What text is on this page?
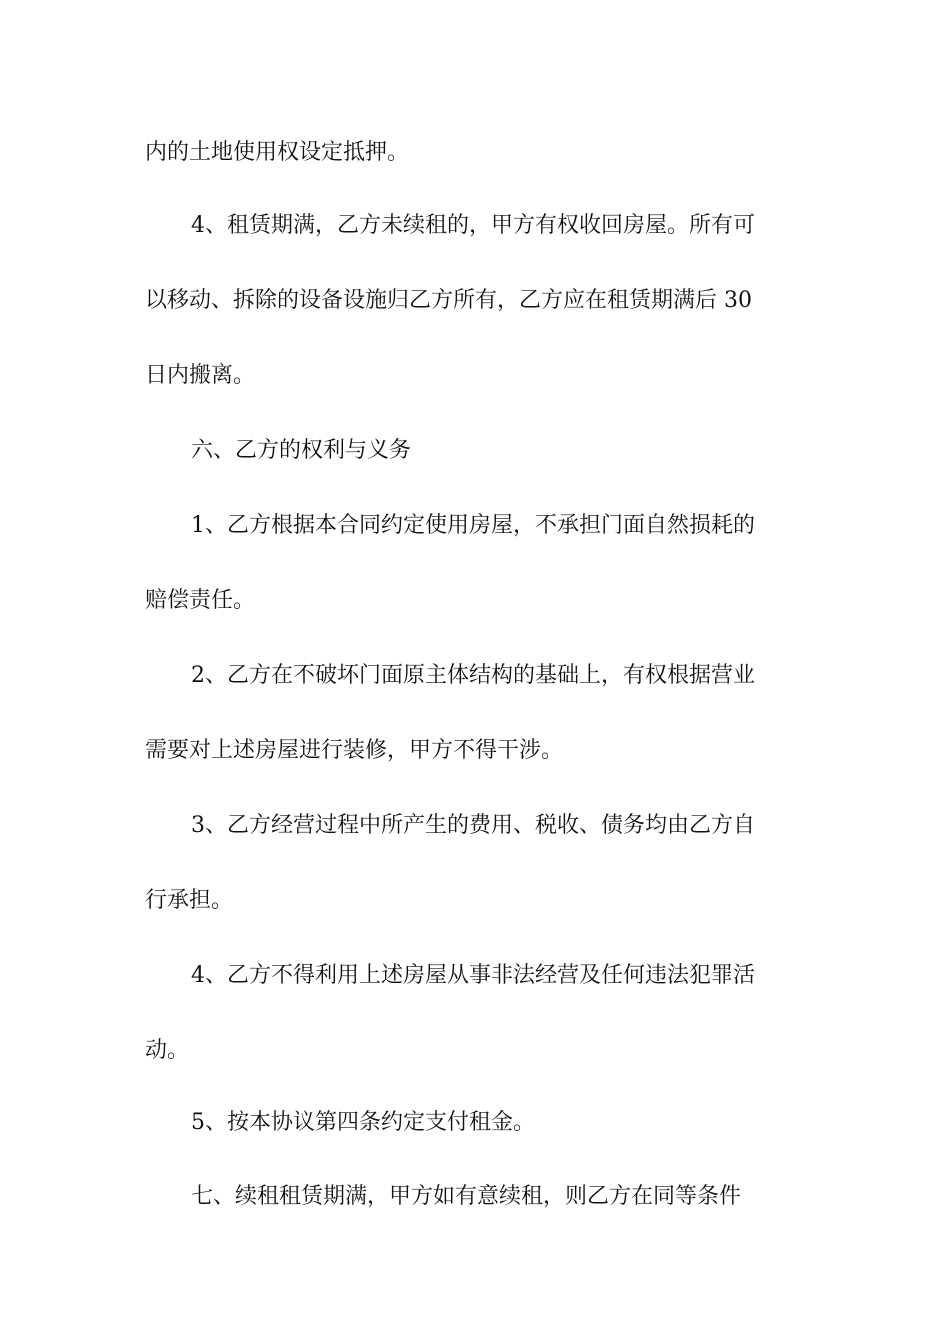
内的土地使用权设定抵押。
4、租赁期满，乙方未续租的，甲方有权收回房屋。所有可
以移动、拆除的设备设施归乙方所有，乙方应在租赁期满后 30
日内搬离。
六、乙方的权利与义务
1、乙方根据本合同约定使用房屋，不承担门面自然损耗的
赔偿责任。
2、乙方在不破坏门面原主体结构的基础上，有权根据营业
需要对上述房屋进行装修，甲方不得干涉。
3、乙方经营过程中所产生的费用、税收、债务均由乙方自
行承担。
4、乙方不得利用上述房屋从事非法经营及任何违法犯罪活
动。
5、按本协议第四条约定支付租金。
七、续租租赁期满，甲方如有意续租，则乙方在同等条件
